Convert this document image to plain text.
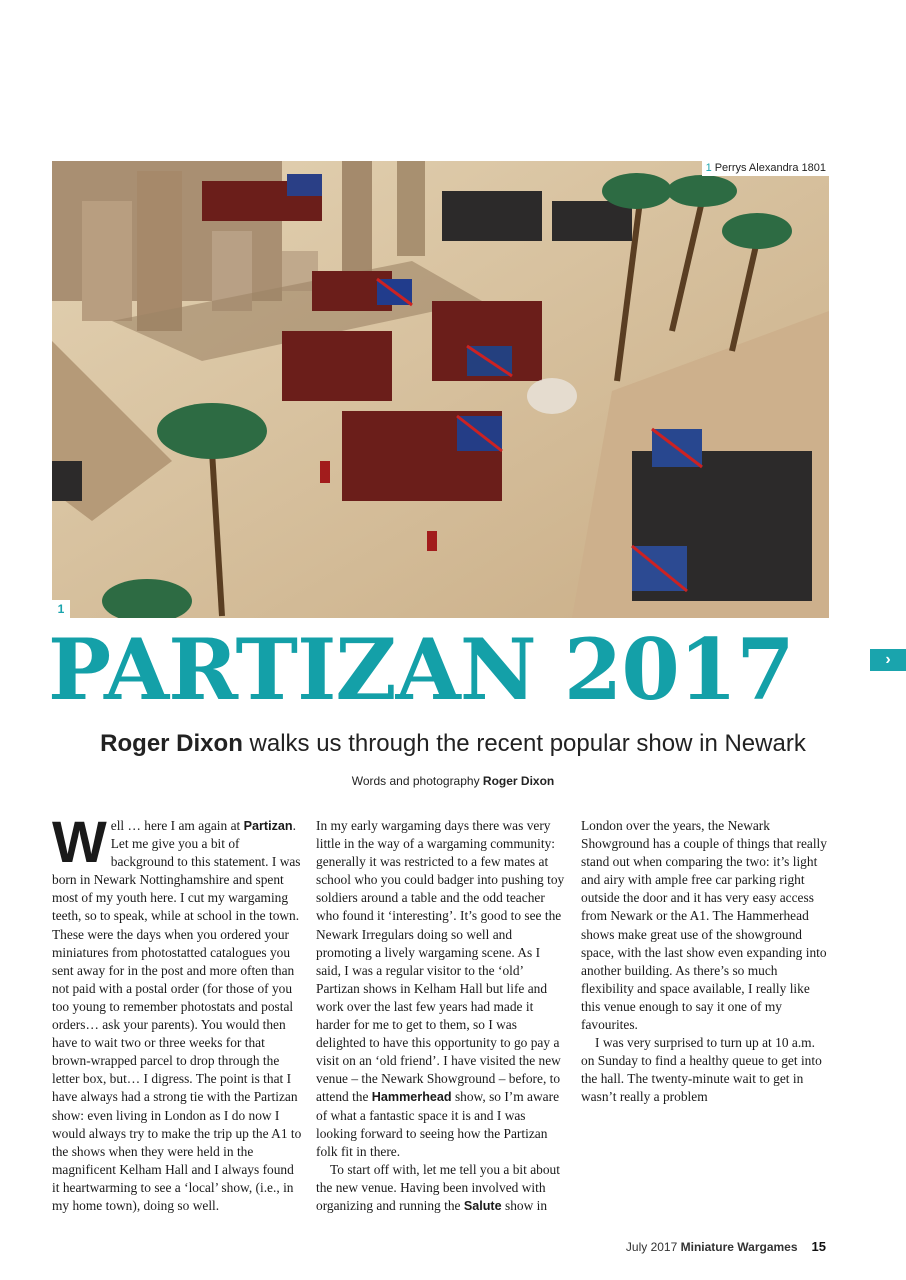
1 Perrys Alexandra 1801
1
›
PARTIZAN 2017
Roger Dixon walks us through the recent popular show in Newark
Words and photography Roger Dixon

Well … here I am again at Partizan. Let me give you a bit of background to this statement. I was born in Newark Nottinghamshire and spent most of my youth here. I cut my wargaming teeth, so to speak, while at school in the town. These were the days when you ordered your miniatures from photostatted catalogues you sent away for in the post and more often than not paid with a postal order (for those of you too young to remember photostats and postal orders… ask your parents). You would then have to wait two or three weeks for that brown-wrapped parcel to drop through the letter box, but… I digress. The point is that I have always had a strong tie with the Partizan show: even living in London as I do now I would always try to make the trip up the A1 to the shows when they were held in the magnificent Kelham Hall and I always found it heartwarming to see a ‘local’ show, (i.e., in my home town), doing so well.

In my early wargaming days there was very little in the way of a wargaming community: generally it was restricted to a few mates at school who you could badger into pushing toy soldiers around a table and the odd teacher who found it ‘interesting’. It’s good to see the Newark Irregulars doing so well and promoting a lively wargaming scene. As I said, I was a regular visitor to the ‘old’ Partizan shows in Kelham Hall but life and work over the last few years had made it harder for me to get to them, so I was delighted to have this opportunity to go pay a visit on an ‘old friend’. I have visited the new venue – the Newark Showground – before, to attend the Hammerhead show, so I’m aware of what a fantastic space it is and I was looking forward to seeing how the Partizan folk fit in there.

To start off with, let me tell you a bit about the new venue. Having been involved with organizing and running the Salute show in

London over the years, the Newark Showground has a couple of things that really stand out when comparing the two: it’s light and airy with ample free car parking right outside the door and it has very easy access from Newark or the A1. The Hammerhead shows make great use of the showground space, with the last show even expanding into another building. As there’s so much flexibility and space available, I really like this venue enough to say it one of my favourites.

I was very surprised to turn up at 10 a.m. on Sunday to find a healthy queue to get into the hall. The twenty-minute wait to get in wasn’t really a problem

July 2017 Miniature Wargames 15
